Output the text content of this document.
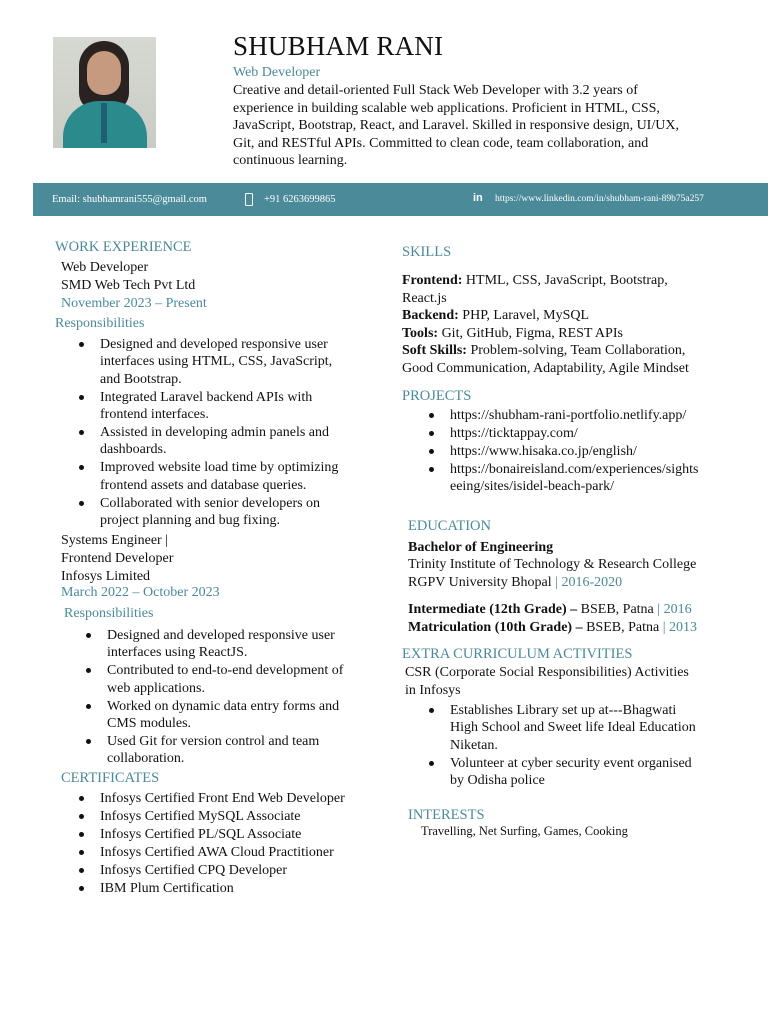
SHUBHAM RANI
Web Developer
Creative and detail-oriented Full Stack Web Developer with 3.2 years of experience in building scalable web applications. Proficient in HTML, CSS, JavaScript, Bootstrap, React, and Laravel. Skilled in responsive design, UI/UX, Git, and RESTful APIs. Committed to clean code, team collaboration, and continuous learning.
Email: shubhamrani555@gmail.com	+91 6263699865	in https://www.linkedin.com/in/shubham-rani-89b75a257
WORK EXPERIENCE
Web Developer
SMD Web Tech Pvt Ltd
November 2023 – Present
Responsibilities
Designed and developed responsive user interfaces using HTML, CSS, JavaScript, and Bootstrap.
Integrated Laravel backend APIs with frontend interfaces.
Assisted in developing admin panels and dashboards.
Improved website load time by optimizing frontend assets and database queries.
Collaborated with senior developers on project planning and bug fixing.
Systems Engineer |
Frontend Developer
Infosys Limited
March 2022 – October 2023
Responsibilities
Designed and developed responsive user interfaces using ReactJS.
Contributed to end-to-end development of web applications.
Worked on dynamic data entry forms and CMS modules.
Used Git for version control and team collaboration.
CERTIFICATES
Infosys Certified Front End Web Developer
Infosys Certified MySQL Associate
Infosys Certified PL/SQL Associate
Infosys Certified AWA Cloud Practitioner
Infosys Certified CPQ Developer
IBM Plum Certification
SKILLS
Frontend: HTML, CSS, JavaScript, Bootstrap, React.js
Backend: PHP, Laravel, MySQL
Tools: Git, GitHub, Figma, REST APIs
Soft Skills: Problem-solving, Team Collaboration, Good Communication, Adaptability, Agile Mindset
PROJECTS
https://shubham-rani-portfolio.netlify.app/
https://ticktappay.com/
https://www.hisaka.co.jp/english/
https://bonaireisland.com/experiences/sightseeing/sites/isidel-beach-park/
EDUCATION
Bachelor of Engineering
Trinity Institute of Technology & Research College
RGPV University Bhopal | 2016-2020
Intermediate (12th Grade) – BSEB, Patna | 2016
Matriculation (10th Grade) – BSEB, Patna | 2013
EXTRA CURRICULUM ACTIVITIES
CSR (Corporate Social Responsibilities) Activities in Infosys
Establishes Library set up at---Bhagwati High School and Sweet life Ideal Education Niketan.
Volunteer at cyber security event organised by Odisha police
INTERESTS
Travelling, Net Surfing, Games, Cooking
